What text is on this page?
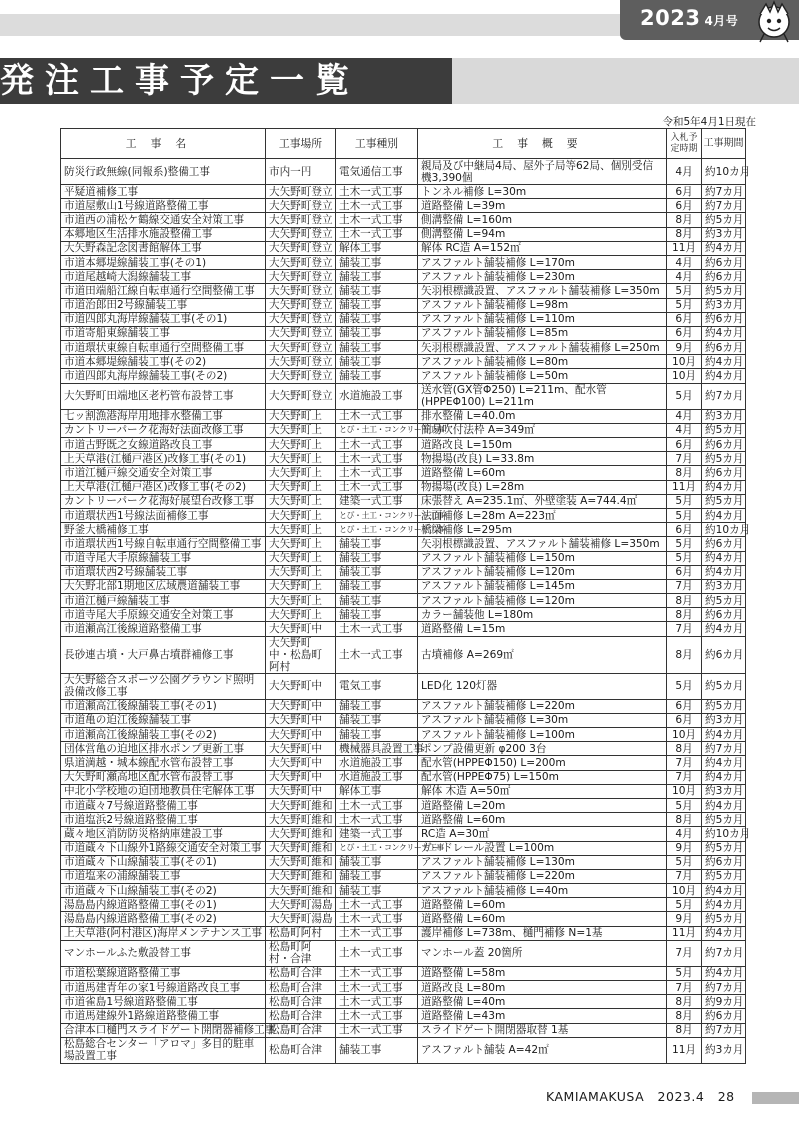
2023 4月号
発注工事予定一覧
令和5年4月1日現在
工事名	工事場所	工事種別	工事概要	入札予定時期	工事期間
防災行政無線(同報系)整備工事	市内一円	電気通信工事	親局及び中継局4局、屋外子局等62局、個別受信機3,390個	4月	約10カ月
平疑道補修工事	大矢野町登立	土木一式工事	トンネル補修 L=30m	6月	約7カ月
市道屋敷山1号線道路整備工事	大矢野町登立	土木一式工事	道路整備 L=39m	6月	約7カ月
市道西の浦松ケ鶴線交通安全対策工事	大矢野町登立	土木一式工事	側溝整備 L=160m	8月	約5カ月
本郷地区生活排水施設整備工事	大矢野町登立	土木一式工事	側溝整備 L=94m	8月	約3カ月
大矢野森記念図書館解体工事	大矢野町登立	解体工事	解体 RC造 A=152㎡	11月	約4カ月
市道本郷堤線舗装工事(その1)	大矢野町登立	舗装工事	アスファルト舗装補修 L=170m	4月	約6カ月
市道尾越崎大潟線舗装工事	大矢野町登立	舗装工事	アスファルト舗装補修 L=230m	4月	約6カ月
市道田端船江線自転車通行空間整備工事	大矢野町登立	舗装工事	矢羽根標識設置、アスファルト舗装補修 L=350m	5月	約5カ月
市道治郎田2号線舗装工事	大矢野町登立	舗装工事	アスファルト舗装補修 L=98m	5月	約3カ月
市道四郎丸海岸線舗装工事(その1)	大矢野町登立	舗装工事	アスファルト舗装補修 L=110m	6月	約6カ月
市道寄船東線舗装工事	大矢野町登立	舗装工事	アスファルト舗装補修 L=85m	6月	約4カ月
市道環状東線自転車通行空間整備工事	大矢野町登立	舗装工事	矢羽根標識設置、アスファルト舗装補修 L=250m	9月	約6カ月
市道本郷堤線舗装工事(その2)	大矢野町登立	舗装工事	アスファルト舗装補修 L=80m	10月	約4カ月
市道四郎丸海岸線舗装工事(その2)	大矢野町登立	舗装工事	アスファルト舗装補修 L=50m	10月	約4カ月
大矢野町田端地区老朽管布設替工事	大矢野町登立	水道施設工事	送水管(GX管Φ250) L=211m、配水管(HPPEΦ100) L=211m	5月	約7カ月
七ッ割漁港海岸用地排水整備工事	大矢野町上	土木一式工事	排水整備 L=40.0m	4月	約3カ月
カントリーパーク花海好法面改修工事	大矢野町上	とび・土工・コンクリート工事	簡易吹付法枠 A=349㎡	4月	約5カ月
市道古野既之女線道路改良工事	大矢野町上	土木一式工事	道路改良 L=150m	6月	約6カ月
上天草港(江樋戸港区)改修工事(その1)	大矢野町上	土木一式工事	物揚場(改良) L=33.8m	7月	約5カ月
市道江樋戸線交通安全対策工事	大矢野町上	土木一式工事	道路整備 L=60m	8月	約6カ月
上天草港(江樋戸港区)改修工事(その2)	大矢野町上	土木一式工事	物揚場(改良) L=28m	11月	約4カ月
カントリーパーク花海好展望台改修工事	大矢野町上	建築一式工事	床張替え A=235.1㎡、外壁塗装 A=744.4㎡	5月	約5カ月
市道環状西1号線法面補修工事	大矢野町上	とび・土工・コンクリート工事	法面補修 L=28m A=223㎡	5月	約4カ月
野釜大橋補修工事	大矢野町上	とび・土工・コンクリート工事	橋梁補修 L=295m	6月	約10カ月
市道環状西1号線自転車通行空間整備工事	大矢野町上	舗装工事	矢羽根標識設置、アスファルト舗装補修 L=350m	5月	約6カ月
市道寺尾大手原線舗装工事	大矢野町上	舗装工事	アスファルト舗装補修 L=150m	5月	約4カ月
市道環状西2号線舗装工事	大矢野町上	舗装工事	アスファルト舗装補修 L=120m	6月	約4カ月
大矢野北部1期地区広域農道舗装工事	大矢野町上	舗装工事	アスファルト舗装補修 L=145m	7月	約3カ月
市道江樋戸線舗装工事	大矢野町上	舗装工事	アスファルト舗装補修 L=120m	8月	約5カ月
市道寺尾大手原線交通安全対策工事	大矢野町上	舗装工事	カラー舗装他 L=180m	8月	約6カ月
市道瀬高江後線道路整備工事	大矢野町中	土木一式工事	道路整備 L=15m	7月	約4カ月
長砂連古墳・大戸鼻古墳群補修工事	大矢野町中・松島町阿村	土木一式工事	古墳補修 A=269㎡	8月	約6カ月
大矢野総合スポーツ公園グラウンド照明設備改修工事	大矢野町中	電気工事	LED化 120灯器	5月	約5カ月
市道瀬高江後線舗装工事(その1)	大矢野町中	舗装工事	アスファルト舗装補修 L=220m	6月	約5カ月
市道亀の迫江後線舗装工事	大矢野町中	舗装工事	アスファルト舗装補修 L=30m	6月	約3カ月
市道瀬高江後線舗装工事(その2)	大矢野町中	舗装工事	アスファルト舗装補修 L=100m	10月	約4カ月
団体営亀の迫地区排水ポンプ更新工事	大矢野町中	機械器具設置工事	ポンプ設備更新 φ200 3台	8月	約7カ月
県道満越・城本線配水管布設替工事	大矢野町中	水道施設工事	配水管(HPPEΦ150) L=200m	7月	約4カ月
大矢野町瀬高地区配水管布設替工事	大矢野町中	水道施設工事	配水管(HPPEΦ75) L=150m	7月	約4カ月
中北小学校地の迫団地教員住宅解体工事	大矢野町中	解体工事	解体 木造 A=50㎡	10月	約3カ月
市道蔵々7号線道路整備工事	大矢野町維和	土木一式工事	道路整備 L=20m	5月	約4カ月
市道塩浜2号線道路整備工事	大矢野町維和	土木一式工事	道路整備 L=60m	8月	約5カ月
蔵々地区消防防災格納庫建設工事	大矢野町維和	建築一式工事	RC造 A=30㎡	4月	約10カ月
市道蔵々下山線外1路線交通安全対策工事	大矢野町維和	とび・土工・コンクリート工事	ガードレール設置 L=100m	9月	約5カ月
市道蔵々下山線舗装工事(その1)	大矢野町維和	舗装工事	アスファルト舗装補修 L=130m	5月	約6カ月
市道塩来の浦線舗装工事	大矢野町維和	舗装工事	アスファルト舗装補修 L=220m	7月	約5カ月
市道蔵々下山線舗装工事(その2)	大矢野町維和	舗装工事	アスファルト舗装補修 L=40m	10月	約4カ月
湯島島内線道路整備工事(その1)	大矢野町湯島	土木一式工事	道路整備 L=60m	5月	約4カ月
湯島島内線道路整備工事(その2)	大矢野町湯島	土木一式工事	道路整備 L=60m	9月	約5カ月
上天草港(阿村港区)海岸メンテナンス工事	松島町阿村	土木一式工事	護岸補修 L=738m、樋門補修 N=1基	11月	約4カ月
マンホールふた敷設替工事	松島町阿村・合津	土木一式工事	マンホール蓋 20箇所	7月	約7カ月
市道松葉線道路整備工事	松島町合津	土木一式工事	道路整備 L=58m	5月	約4カ月
市道馬建青年の家1号線道路改良工事	松島町合津	土木一式工事	道路改良 L=80m	7月	約7カ月
市道雀島1号線道路整備工事	松島町合津	土木一式工事	道路整備 L=40m	8月	約9カ月
市道馬建線外1路線道路整備工事	松島町合津	土木一式工事	道路整備 L=43m	8月	約6カ月
合津本口樋門スライドゲート開閉器補修工事	松島町合津	土木一式工事	スライドゲート開閉器取替 1基	8月	約7カ月
松島総合センター「アロマ」多目的駐車場設置工事	松島町合津	舗装工事	アスファルト舗装 A=42㎡	11月	約3カ月
KAMIAMAKUSA 2023.4 28
